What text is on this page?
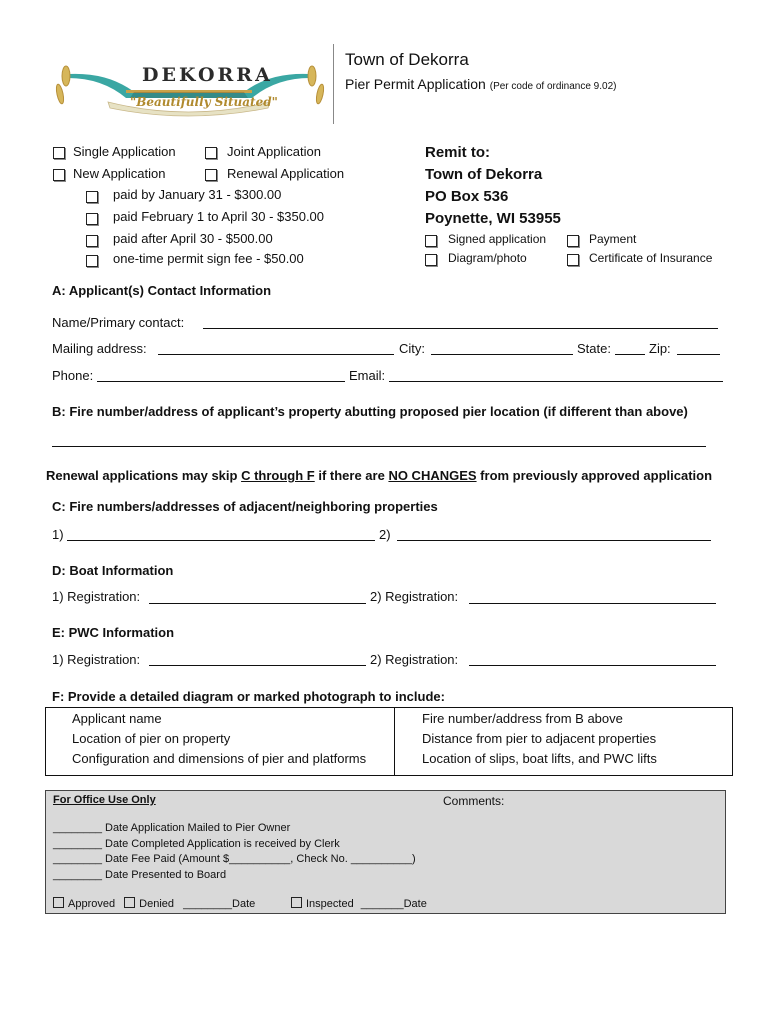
DEKORRA
"Beautifully Situated"
Town of Dekorra
Pier Permit Application (Per code of ordinance 9.02)
Single Application	Joint Application
New Application	Renewal Application
paid by January 31 - $300.00
paid February 1 to April 30 - $350.00
paid after April 30 - $500.00
one-time permit sign fee - $50.00
Remit to:
Town of Dekorra
PO Box 536
Poynette, WI 53955
Signed application	Payment
Diagram/photo	Certificate of Insurance
A: Applicant(s) Contact Information
Name/Primary contact:
Mailing address:	City:	State:	Zip:
Phone:	Email:
B: Fire number/address of applicant’s property abutting proposed pier location (if different than above)
Renewal applications may skip C through F if there are NO CHANGES from previously approved application
C: Fire numbers/addresses of adjacent/neighboring properties
1)	2)
D: Boat Information
1) Registration:	2) Registration:
E: PWC Information
1) Registration:	2) Registration:
F: Provide a detailed diagram or marked photograph to include:
Applicant name	Fire number/address from B above
Location of pier on property	Distance from pier to adjacent properties
Configuration and dimensions of pier and platforms	Location of slips, boat lifts, and PWC lifts
For Office Use Only	Comments:
________ Date Application Mailed to Pier Owner
________ Date Completed Application is received by Clerk
________ Date Fee Paid (Amount $__________, Check No. __________)
________ Date Presented to Board
Approved Denied ________Date	Inspected _______Date
